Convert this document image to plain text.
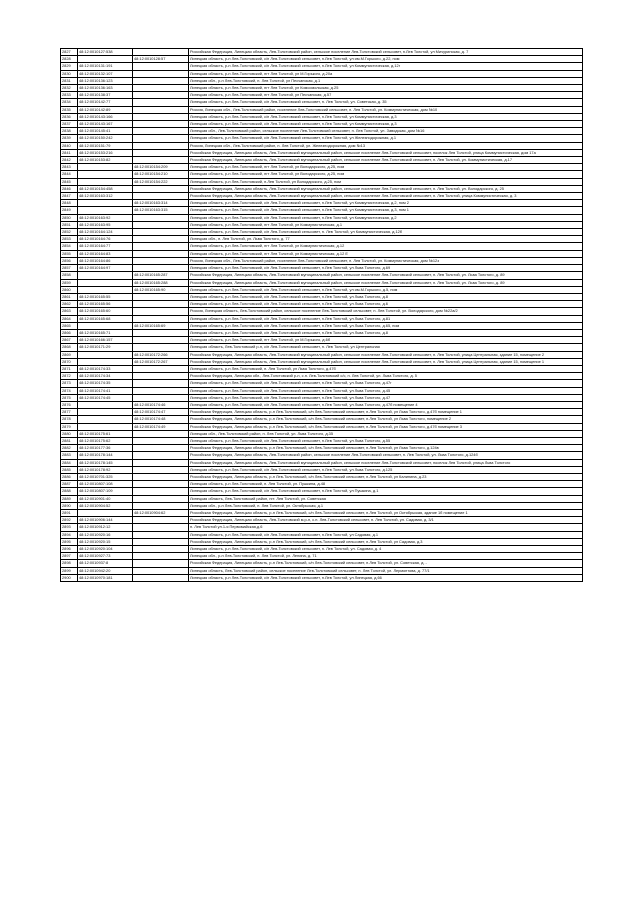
2827	48:12:0010127:538		Российская Федерация, Липецкая область, Лев-Толстовский район, сельское поселение Лев-Толстовский сельсовет, п.Лев Толстой, ул Мичуринская, д. 7
2828		48:12:0010128:57	Липецкая область, р-н Лев-Толстовский, с/п Лев-Толстовский сельсовет, п.Лев Толстой, ул им.М.Горького, д.22, пом
2829	48:12:0010131:191		Липецкая область, р-н Лев-Толстовский, с/п Лев-Толстовский сельсовет, п.Лев Толстой, ул Коммунистическая, д.12г
2830	48:12:0010132:107		Липецкая область, р-н Лев-Толстовский, пгт Лев Толстой, ул М.Горького, д.20а
2831	48:12:0010136:123		Липецкая обл., р-н Лев-Толстовский, п. Лев Толстой, ул Песчанская, д.1
2832	48:12:0010136:163		Липецкая область, р-н Лев-Толстовский, пгт Лев Толстой, ул Комсомольская, д.25
2833	48:12:0010138:37		Липецкая область, р-н Лев-Толстовский, пгт Лев Толстой, ул Песчанская, д.57
2834	48:12:0010142:77		Липецкая область, р-н Лев-Толстовский, с/п Лев-Толстовский сельсовет, п. Лев Толстой, ул. Советская, д. 35
2835	48:12:0010142:89		Россия, Липецкая обл., Лев-Толстовский район, поселение Лев-Толстовский сельсовет, п. Лев Толстой, ул. Коммунистическая, дом №10
2836	48:12:0010143:166		Липецкая область, р-н Лев-Толстовский, с/п Лев-Толстовский сельсовет, п.Лев Толстой, ул Коммунистическая, д.3
2837	48:12:0010143:167		Липецкая область, р-н Лев-Толстовский, с/п Лев-Толстовский сельсовет, п.Лев Толстой, ул Коммунистическая, д.3
2838	48:12:0010145:41		Липецкая обл., Лев-Толстовский район, сельское поселение Лев-Толстовский сельсовет, п. Лев Толстой, ул. Заводская, дом №16
2839	48:12:0010150:242		Липецкая область, р-н Лев-Толстовский, с/п Лев-Толстовский сельсовет, п.Лев Толстой, ул Железнодорожная, д.1
2840	48:12:0010151:79		Россия, Липецкая обл., Лев-Толстовский район, п. Лев Толстой, ул. Железнодорожная, дом №13
2841	48:12:0010153:216		Российская Федерация, Липецкая область, Лев-Толстовский муниципальный район, сельское поселение Лев-Толстовский сельсовет, поселок Лев Толстой, улица Коммунистическая, дом 17а
2842	48:12:0010153:82		Российская Федерация, Липецкая область, Лев-Толстовский муниципальный район, сельское поселение Лев-Толстовский сельсовет, п. Лев Толстой, ул. Коммунистическая, д.17
2843		48:12:0010154:209	Липецкая область, р-н Лев-Толстовский, пгт Лев Толстой, ул Володарского, д.25, пом
2844		48:12:0010154:210	Липецкая область, р-н Лев-Толстовский, пгт Лев Толстой, ул Володарского, д.25, пом
2845		48:12:0010154:222	Липецкая область, р-н Лев-Толстовский, п.Лев Толстой, ул Володарского, д.25, пом
2846	48:12:0010154:458		Российская Федерация, Липецкая область, Лев-Толстовский муниципальный район, сельское поселение Лев-Толстовский сельсовет, п. Лев Толстой, ул. Володарского, д. 25
2847	48:12:0010163:312		Российская Федерация, Липецкая область, Лев-Толстовский муниципальный район, сельское поселение Лев-Толстовский сельсовет, п. Лев Толстой, улица Коммунистическая, д. 3
2848		48:12:0010163:314	Липецкая область, р-н Лев-Толстовский, с/п Лев-Толстовский сельсовет, п.Лев Толстой, ул Коммунистическая, д.2, пом 2
2849		48:12:0010163:315	Липецкая область, р-н Лев-Толстовский, с/п Лев-Толстовский сельсовет, п.Лев Толстой, ул Коммунистическая, д.3, пом 1
2850	48:12:0010163:92		Липецкая область, р-н Лев-Толстовский, с/п Лев-Толстовский сельсовет, п.Лев Толстой, ул Коммунистическая, д.2
2851	48:12:0010163:95		Липецкая область, р-н Лев-Толстовский, пгт Лев Толстой, ул Коммунистическая, д.1
2852	48:12:0010164:124		Липецкая область, р-н Лев-Толстовский, с/п Лев-Толстовский сельсовет, п. Лев Толстой, ул Коммунистическая, д.12б
2853	48:12:0010164:76		Липецкая обл., п. Лев Толстой, ул. Льва Толстого, д. 77
2854	48:12:0010164:77		Липецкая область, р-н Лев-Толстовский, пгт Лев Толстой, ул Коммунистическая, д.12
2855	48:12:0010164:83		Липецкая область, р-н Лев-Толстовский, пгт Лев Толстой, ул Коммунистическая, д.12 Е
2856	48:12:0010164:86		Россия, Липецкая обл., Лев-Толстовский район, поселение Лев-Толстовский сельсовет, п. Лев Толстой, ул. Коммунистическая, дом №12з
2857	48:12:0010164:97		Липецкая область, р-н Лев-Толстовский, с/п Лев-Толстовский сельсовет, п.Лев Толстой, ул Льва Толстого, д.69
2858		48:12:0010165:287	Российская Федерация, Липецкая область, Лев-Толстовский муниципальный район, сельское поселение Лев-Толстовский сельсовет, п. Лев Толстой, ул. Льва Толстого, д. 89
2859		48:12:0010165:288	Российская Федерация, Липецкая область, Лев-Толстовский муниципальный район, сельское поселение Лев-Толстовский сельсовет, п. Лев Толстой, ул. Льва Толстого, д. 89
2860		48:12:0010165:90	Липецкая область, р-н Лев-Толстовский, с/п Лев-Толстовский сельсовет, п.Лев Толстой, ул им.М.Горького, д.5, пом
2861	48:12:0010165:55		Липецкая область, р-н Лев-Толстовский, с/п Лев-Толстовский сельсовет, п.Лев Толстой, ул Льва Толстого, д.8
2862	48:12:0010165:56		Липецкая область, р-н Лев-Толстовский, с/п Лев-Толстовский сельсовет, п.Лев Толстой, ул Льва Толстого, д.6
2863	48:12:0010165:60		Россия, Липецкая область, Лев-Толстовский район, сельское поселение Лев-Толстовский сельсовет, п. Лев Толстой, ул. Володарского, дом №22а/2
2864	48:12:0010165:68		Липецкая область, р-н Лев-Толстовский, с/п Лев-Толстовский сельсовет, п.Лев Толстой, ул Льва Толстого, д.81
2865		48:12:0010165:69	Липецкая область, р-н Лев-Толстовский, с/п Лев-Толстовский сельсовет, п.Лев Толстой, ул Льва Толстого, д.65, пом
2866	48:12:0010165:71		Липецкая область, р-н Лев-Толстовский, с/п Лев-Толстовский сельсовет, п.Лев Толстой, ул Льва Толстого, д.8
2867	48:12:0010166:157		Липецкая область, р-н Лев-Толстовский, пгт Лев Толстой, ул М.Горького, д.6б
2868	48:12:0010171:29		Липецкая область, Лев-Толстовский р-н, с/п Лев-Толстовский сельсовет, п. Лев Толстой, ул Центральная
2869		48:12:0010172:266	Российская Федерация, Липецкая область, Лев-Толстовский муниципальный район, сельское поселение Лев-Толстовский сельсовет, п. Лев Толстой, улица Центральная, здание 15, помещение 2
2870		48:12:0010172:267	Российская Федерация, Липецкая область, Лев-Толстовский муниципальный район, сельское поселение Лев-Толстовский сельсовет, п. Лев Толстой, улица Центральная, здание 15, помещение 1
2871	48:12:0010174:33		Липецкая область, р-н Лев-Толстовский, п. Лев Толстой, ул Льва Толстого, д.47б
2872	48:12:0010174:34		Российская Федерация, Липецкая обл., Лев-Толстовский р-н, с.п. Лев-Толстовский с/с, п. Лев Толстой, ул. Льва Толстого, д. 5
2873	48:12:0010174:35		Липецкая область, р-н Лев-Толстовский, с/п Лев-Толстовский сельсовет, п.Лев Толстой, ул Льва Толстого, д.47г
2874	48:12:0010174:41		Липецкая область, р-н Лев-Толстовский, с/п Лев-Толстовский сельсовет, п.Лев Толстой, ул Льва Толстого, д.45
2875	48:12:0010174:45		Липецкая область, р-н Лев-Толстовский, с/п Лев-Толстовский сельсовет, п.Лев Толстой, ул Льва Толстого, д.47
2876		48:12:0010174:46	Липецкая область, р-н Лев-Толстовский, с/п Лев-Толстовский сельсовет, п.Лев Толстой, ул Льва Толстого, д.47б помещение 4
2877		48:12:0010174:47	Российская Федерация, Липецкая область, р-н Лев-Толстовский, с/п Лев-Толстовский сельсовет, п.Лев Толстой, ул Льва Толстого, д.47б помещение 1
2878		48:12:0010174:48	Российская Федерация, Липецкая область, р-н Лев-Толстовский, с/п Лев-Толстовский сельсовет, п.Лев Толстой, ул Льва Толстого, помещение 2
2879		48:12:0010174:49	Российская Федерация, Липецкая область, р-н Лев-Толстовский, с/п Лев-Толстовский сельсовет, п.Лев Толстой, ул Льва Толстого, д.47б помещение 3
2880	48:12:0010175:61		Липецкая обл., Лев-Толстовский район, п. Лев Толстой, ул. Льва Толстого, д.35
2881	48:12:0010175:62		Липецкая область, р-н Лев-Толстовский, с/п Лев-Толстовский сельсовет, п.Лев Толстой, ул Льва Толстого, д.55
2882	48:12:0010177:36		Российская Федерация, Липецкая область, р-н Лев-Толстовский, с/п Лев-Толстовский сельсовет, п.Лев Толстой, ул Льва Толстого, д.124в
2883	48:12:0010178:144		Российская Федерация, Липецкая область, Лев-Толстовский район, сельское поселение Лев-Толстовский сельсовет, п. Лев Толстой, ул. Льва Толстого, д.124б
2884	48:12:0010178:145		Российская Федерация, Липецкая область, Лев-Толстовский муниципальный район, сельское поселение Лев-Толстовский сельсовет, поселок Лев Толстой, улица Льва Толстого
2885	48:12:0010178:92		Липецкая область, р-н Лев-Толстовский, с/п Лев-Толстовский сельсовет, п.Лев Толстой, ул Льва Толстого, д.125
2886	48:12:0010701:325		Российская Федерация, Липецкая область, р-н Лев-Толстовский, с/п Лев-Толстовский сельсовет, п.Лев Толстой, ул Калинина, д.23
2887	48:12:0010807:108		Липецкая область, р-н Лев-Толстовский, п. Лев Толстой, ул. Пушкина, д.48
2888	48:12:0010807:109		Липецкая область, р-н Лев-Толстовский, с/п Лев-Толстовский сельсовет, п.Лев Толстой, ул Пушкина, д.1
2889	48:12:0010901:40		Липецкая область, Лев-Толстовский район, пгт. Лев Толстой, ул. Советская
2890	48:12:0010904:52		Липецкая обл., р-н Лев-Толстовский, п. Лев Толстой, ул. Октябрьская, д.1
2891		48:12:0010904:62	Российская Федерация, Липецкая область, р-н Лев-Толстовский, с/п Лев-Толстовский сельсовет, п.Лев Толстой, ул Октябрьская, здание 1б помещение 1
2892	48:12:0010906:144		Российская Федерация, Липецкая область, Лев-Толстовский м.р-н, с.п. Лев-Толстовский сельсовет, п. Лев Толстой, ул. Садовая, д. 3/1
2893	48:12:0010912:12		п. Лев Толстой ул.1-я Первомайская,д.6
2894	48:12:0010920:16		Липецкая область, р-н Лев-Толстовский, с/п Лев-Толстовский сельсовет, п.Лев Толстой, ул Садовая, д.1
2895	48:12:0010920:15		Российская Федерация, Липецкая область, р-н Лев-Толстовский, с/п Лев-Толстовский сельсовет, п.Лев Толстой, ул Садовая, д.3
2896	48:12:0010920:104		Липецкая область, р-н Лев-Толстовский, с/п Лев-Толстовский сельсовет, п. Лев Толстой, ул. Садовая, д. 4
2897	48:12:0010927:73		Липецкая обл., р-н Лев-Толстовский, п. Лев Толстой, ул. Ленина, д. 71
2898	48:12:0010937:8		Российская Федерация, Липецкая область, р-н Лев-Толстовский, с/п Лев-Толстовский сельсовет, п.Лев Толстой, ул. Советская, д. -
2899	48:12:0010942:20		Липецкая область, Лев-Толстовский район, сельское поселение Лев-Толстовский сельсовет, п. Лев Толстой, ул. Лермонтова, д. 77/1
2900	48:12:0010970:181		Липецкая область, р-н Лев-Толстовский, с/п Лев-Толстовский сельсовет, п.Лев Толстой, ул Липецкая, д.66
